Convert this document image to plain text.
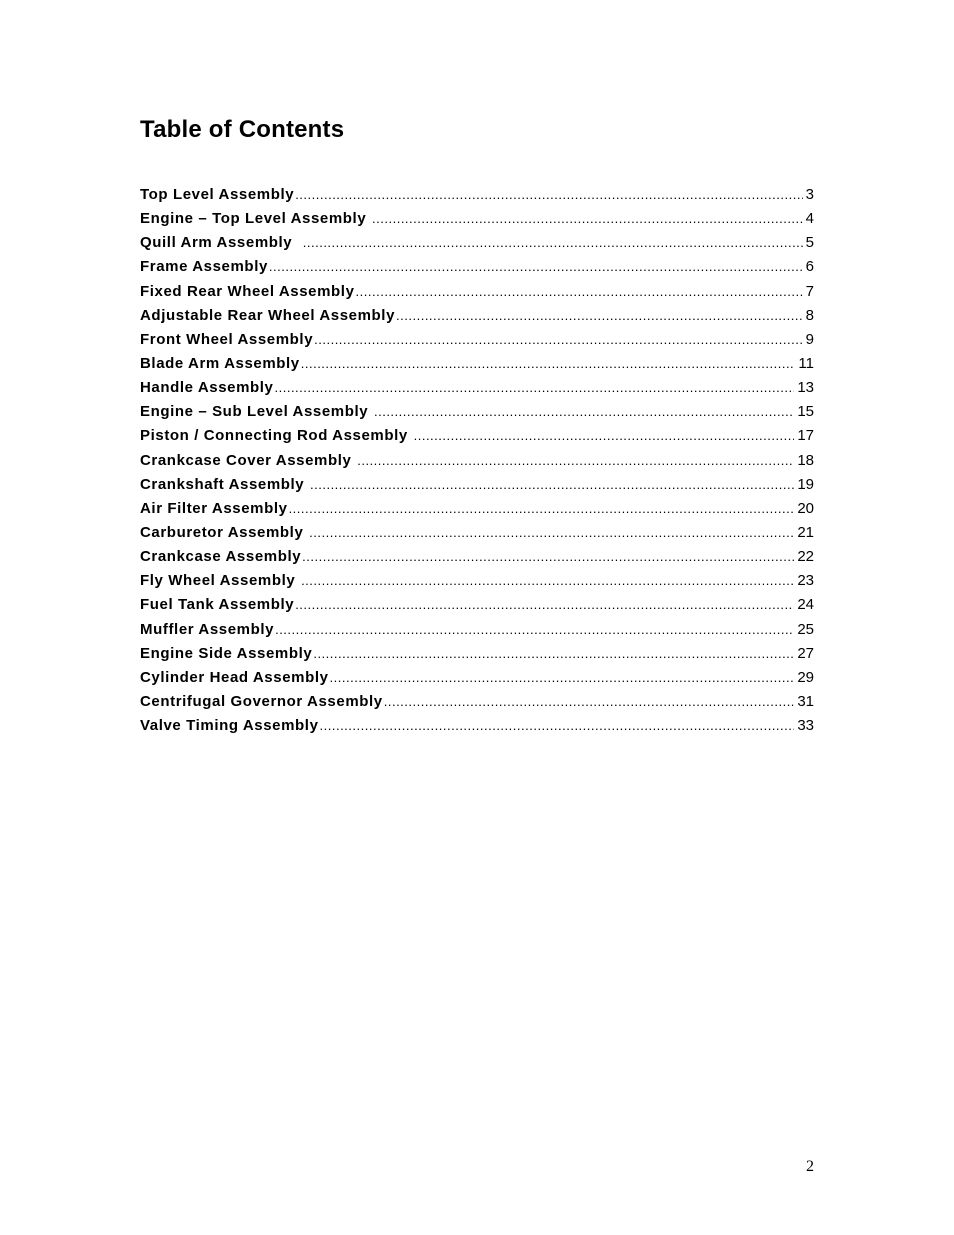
Table of Contents
Top Level Assembly .....	3
Engine – Top Level Assembly .....	4
Quill Arm Assembly .....	5
Frame Assembly .....	6
Fixed Rear Wheel Assembly .....	7
Adjustable Rear Wheel Assembly .....	8
Front Wheel Assembly .....	9
Blade Arm Assembly .....	11
Handle Assembly .....	13
Engine – Sub Level Assembly .....	15
Piston / Connecting Rod Assembly .....	17
Crankcase Cover Assembly .....	18
Crankshaft Assembly .....	19
Air Filter Assembly .....	20
Carburetor Assembly .....	21
Crankcase Assembly .....	22
Fly Wheel Assembly .....	23
Fuel Tank Assembly .....	24
Muffler Assembly .....	25
Engine Side Assembly .....	27
Cylinder Head Assembly .....	29
Centrifugal Governor Assembly .....	31
Valve Timing Assembly .....	33
2
